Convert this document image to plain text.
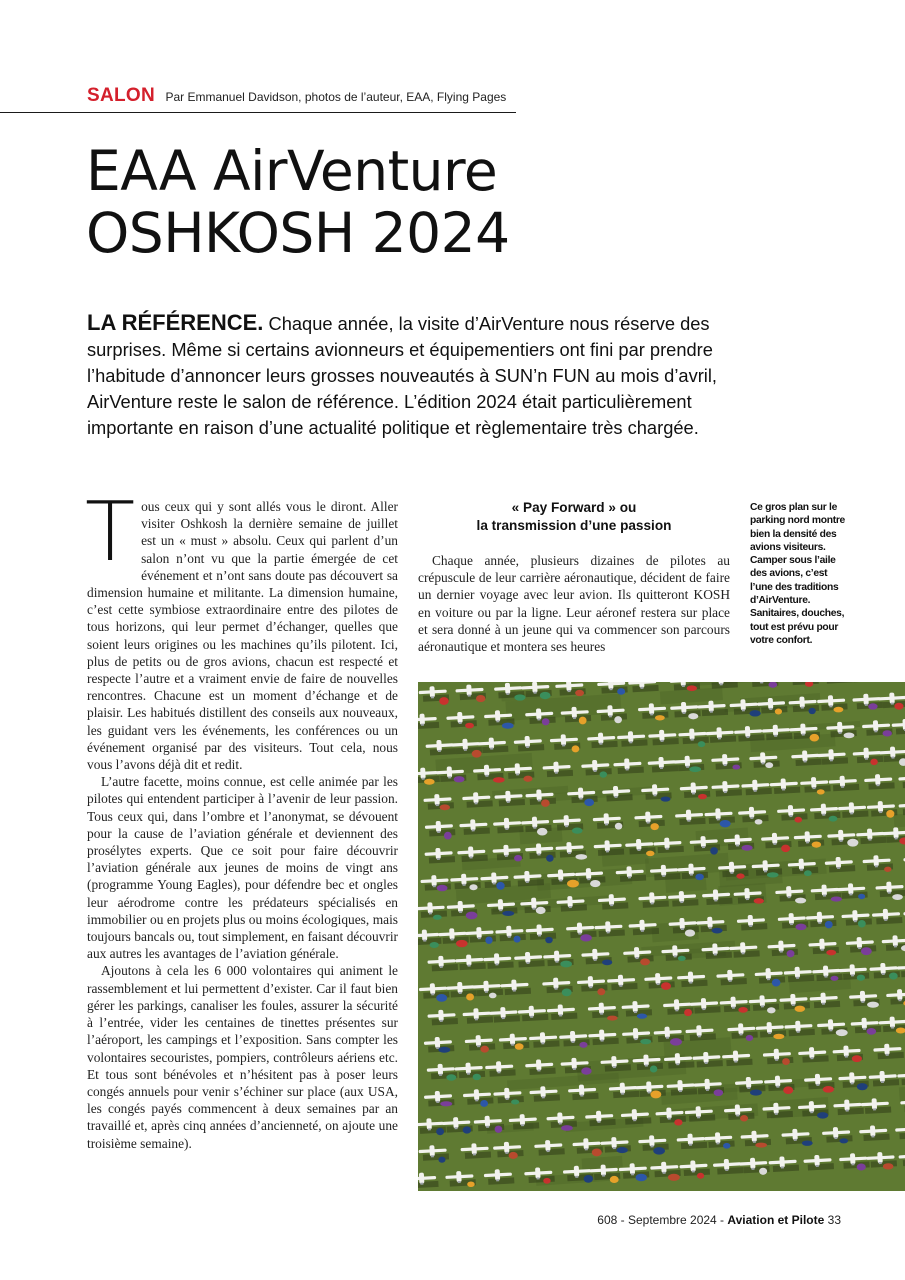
SALON Par Emmanuel Davidson, photos de l’auteur, EAA, Flying Pages
EAA AirVenture
OSHKOSH 2024

LA RÉFÉRENCE. Chaque année, la visite d’AirVenture nous réserve des surprises. Même si certains avionneurs et équipementiers ont fini par prendre l’habitude d’annoncer leurs grosses nouveautés à SUN’n FUN au mois d’avril, AirVenture reste le salon de référence. L’édition 2024 était particulièrement importante en raison d’une actualité politique et règlementaire très chargée.

Tous ceux qui y sont allés vous le diront. Aller visiter Oshkosh la dernière semaine de juillet est un « must » absolu. Ceux qui parlent d’un salon n’ont vu que la partie émergée de cet événement et n’ont sans doute pas découvert sa dimension humaine et militante. La dimension humaine, c’est cette symbiose extraordinaire entre des pilotes de tous horizons, qui leur permet d’échanger, quelles que soient leurs origines ou les machines qu’ils pilotent. Ici, plus de petits ou de gros avions, chacun est respecté et respecte l’autre et a vraiment envie de faire de nouvelles rencontres. Chacune est un moment d’échange et de plaisir. Les habitués distillent des conseils aux nouveaux, les guidant vers les événements, les conférences ou un événement organisé par des visiteurs. Tout cela, nous vous l’avons déjà dit et redit.

L’autre facette, moins connue, est celle animée par les pilotes qui entendent participer à l’avenir de leur passion. Tous ceux qui, dans l’ombre et l’anonymat, se dévouent pour la cause de l’aviation générale et deviennent des prosélytes experts. Que ce soit pour faire découvrir l’aviation générale aux jeunes de moins de vingt ans (programme Young Eagles), pour défendre bec et ongles leur aérodrome contre les prédateurs spécialisés en immobilier ou en projets plus ou moins écologiques, mais toujours bancals ou, tout simplement, en faisant découvrir aux autres les avantages de l’aviation générale.

Ajoutons à cela les 6 000 volontaires qui animent le rassemblement et lui permettent d’exister. Car il faut bien gérer les parkings, canaliser les foules, assurer la sécurité à l’entrée, vider les centaines de tinettes présentes sur l’aéroport, les campings et l’exposition. Sans compter les volontaires secouristes, pompiers, contrôleurs aériens etc. Et tous sont bénévoles et n’hésitent pas à poser leurs congés annuels pour venir s’échiner sur place (aux USA, les congés payés commencent à deux semaines par an travaillé et, après cinq années d’ancienneté, on ajoute une troisième semaine).

« Pay Forward » ou
la transmission d’une passion

Chaque année, plusieurs dizaines de pilotes au crépuscule de leur carrière aéronautique, décident de faire un dernier voyage avec leur avion. Ils quitteront KOSH en voiture ou par la ligne. Leur aéronef restera sur place et sera donné à un jeune qui va commencer son parcours aéronautique et montera ses heures

Ce gros plan sur le parking nord montre bien la densité des avions visiteurs. Camper sous l’aile des avions, c’est l’une des traditions d’AirVenture. Sanitaires, douches, tout est prévu pour votre confort.

608 - Septembre 2024 - Aviation et Pilote 33
